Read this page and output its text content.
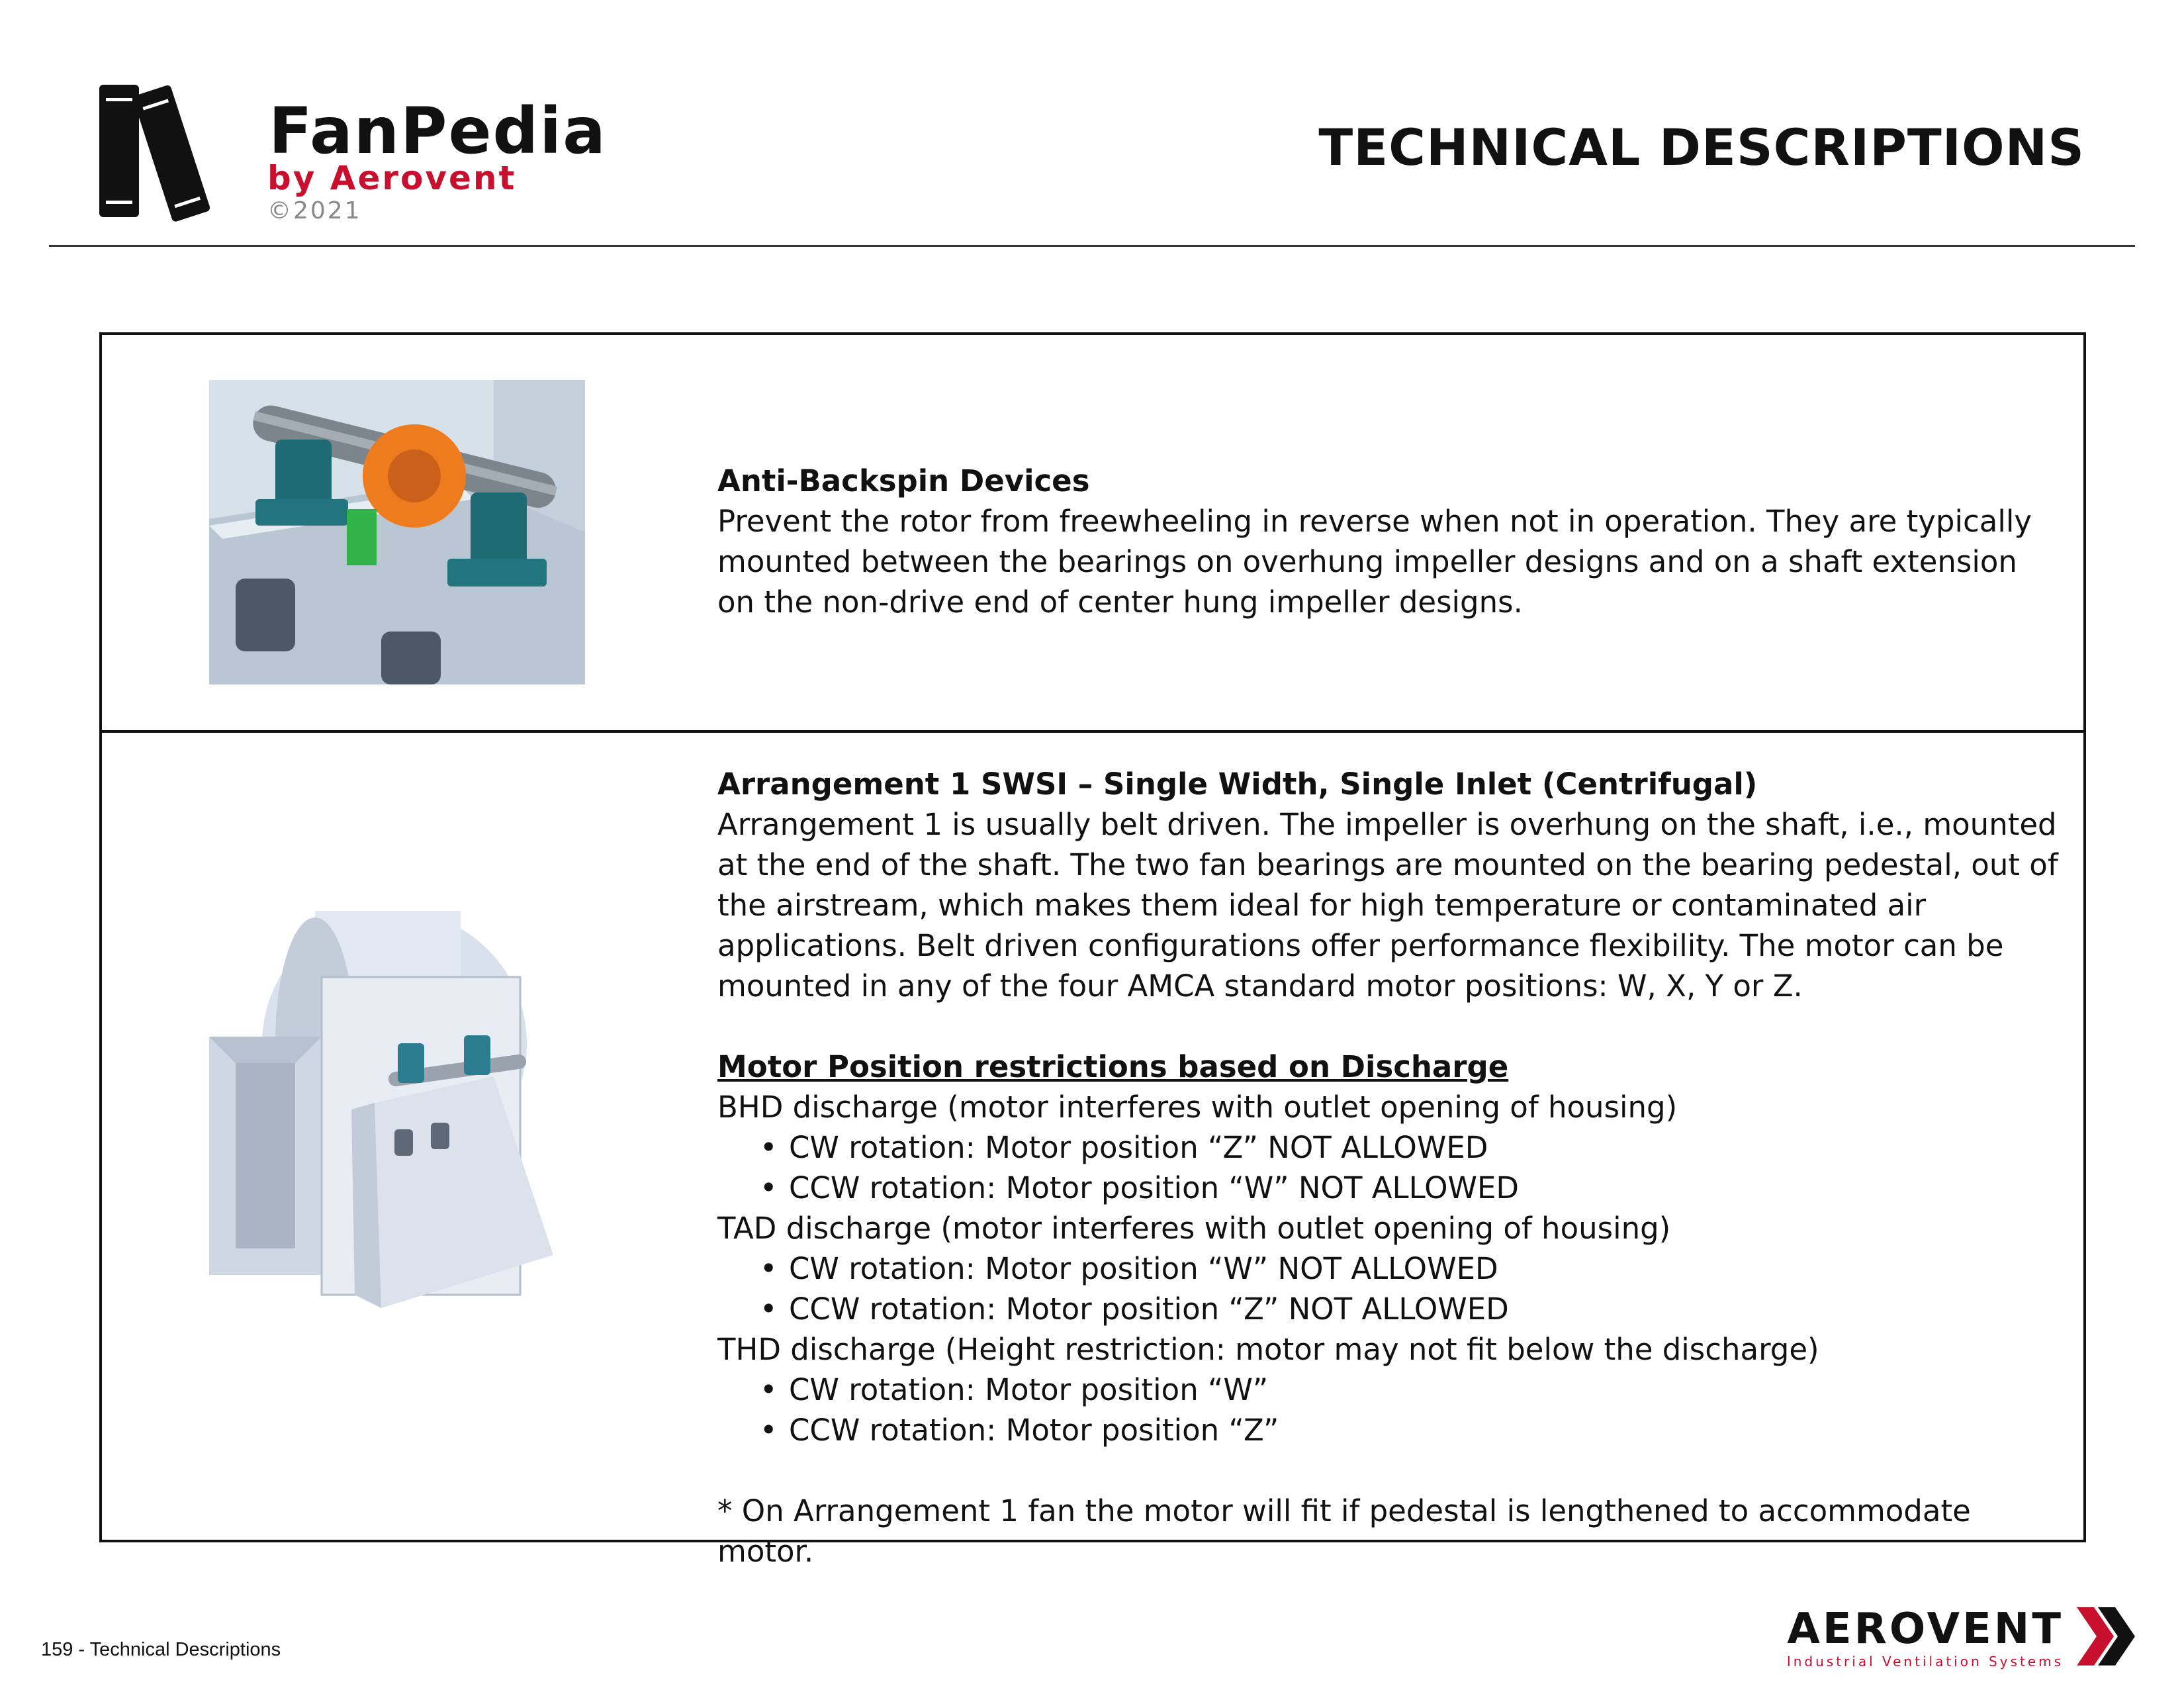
FanPedia
by Aerovent
©2021
TECHNICAL DESCRIPTIONS
Anti-Backspin Devices
Prevent the rotor from freewheeling in reverse when not in operation. They are typically mounted between the bearings on overhung impeller designs and on a shaft extension on the non-drive end of center hung impeller designs.
Arrangement 1 SWSI – Single Width, Single Inlet (Centrifugal)
Arrangement 1 is usually belt driven. The impeller is overhung on the shaft, i.e., mounted at the end of the shaft. The two fan bearings are mounted on the bearing pedestal, out of the airstream, which makes them ideal for high temperature or contaminated air applications. Belt driven configurations offer performance flexibility. The motor can be mounted in any of the four AMCA standard motor positions: W, X, Y or Z.
Motor Position restrictions based on Discharge
BHD discharge (motor interferes with outlet opening of housing)
• CW rotation: Motor position “Z” NOT ALLOWED
• CCW rotation: Motor position “W” NOT ALLOWED
TAD discharge (motor interferes with outlet opening of housing)
• CW rotation: Motor position “W” NOT ALLOWED
• CCW rotation: Motor position “Z” NOT ALLOWED
THD discharge (Height restriction: motor may not fit below the discharge)
• CW rotation: Motor position “W”
• CCW rotation: Motor position “Z”
* On Arrangement 1 fan the motor will fit if pedestal is lengthened to accommodate motor.
159 - Technical Descriptions	AEROVENT
Industrial Ventilation Systems
